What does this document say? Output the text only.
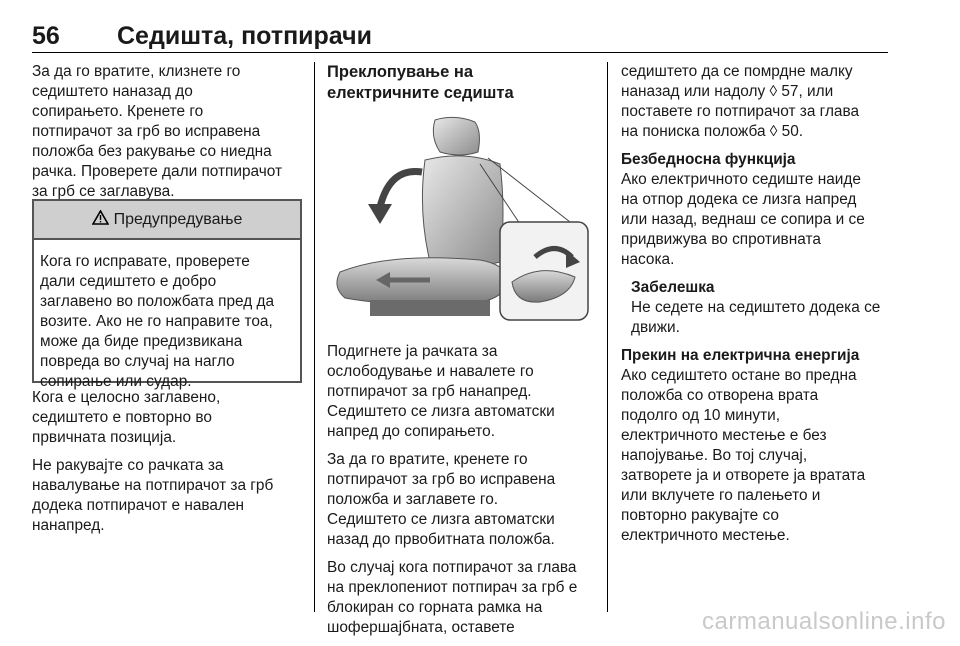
56 Седишта, потпирачи

За да го вратите, клизнете го
седиштето наназад до
сопирањето. Кренете го
потпирачот за грб во исправена
положба без ракување со ниедна
рачка. Проверете дали потпирачот
за грб се заглавува.

Предупредување
Кога го исправате, проверете
дали седиштето е добро
заглавено во положбата пред да
возите. Ако не го направите тоа,
може да биде предизвикана
повреда во случај на нагло
сопирање или судар.

Кога е целосно заглавено,
седиштето е повторно во
првичната позиција.

Не ракувајте со рачката за
навалување на потпирачот за грб
додека потпирачот е навален
нанапред.

Преклопување на
електричните седишта

Подигнете ја рачката за
ослободување и навалете го
потпирачот за грб нанапред.
Седиштето се лизга автоматски
напред до сопирањето.

За да го вратите, кренете го
потпирачот за грб во исправена
положба и заглавете го.
Седиштето се лизга автоматски
назад до првобитната положба.

Во случај кога потпирачот за глава
на преклопениот потпирач за грб е
блокиран со горната рамка на
шофершајбната, оставете

седиштето да се помрдне малку
наназад или надолу ◊ 57, или
поставете го потпирачот за глава
на пониска положба ◊ 50.

Безбедносна функција

Ако електричното седиште наиде
на отпор додека се лизга напред
или назад, веднаш се сопира и се
придвижува во спротивната
насока.

Забелешка

Не седете на седиштето додека се
движи.

Прекин на електрична енергија

Ако седиштето остане во предна
положба со отворена врата
подолго од 10 минути,
електричното местење е без
напојување. Во тој случај,
затворете ја и отворете ја вратата
или вклучете го палењето и
повторно ракувајте со
електричното местење.

carmanualsonline.info
